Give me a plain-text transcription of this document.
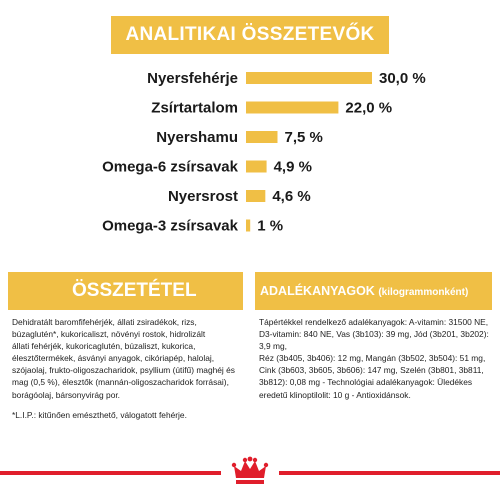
ANALITIKAI ÖSSZETEVŐK
Nyersfehérje	30,0 %
Zsírtartalom	22,0 %
Nyershamu	7,5 %
Omega-6 zsírsavak 4,9 %
Nyersrost 4,6 %
Omega-3 zsírsavak 1 %
ÖSSZETÉTEL	ADALÉKANYAGOK (kilogrammonként)
Dehidratált baromfifehérjék, állati zsiradékok, rizs,
búzaglutén*, kukoricaliszt, növényi rostok, hidrolizált
állati fehérjék, kukoricaglutén, búzaliszt, kukorica,
élesztőtermékek, ásványi anyagok, cikóriapép, halolaj,
szójaolaj, frukto-oligoszacharidok, psyllium (útifű) maghéj és
mag (0,5 %), élesztők (mannán-oligoszacharidok forrásai),
borágóolaj, bársonyvirág por.
*L.I.P.: kitűnően emészthető, válogatott fehérje.
Tápértékkel rendelkező adalékanyagok: A-vitamin: 31500 NE,
D3-vitamin: 840 NE, Vas (3b103): 39 mg, Jód (3b201, 3b202): 3,9 mg,
Réz (3b405, 3b406): 12 mg, Mangán (3b502, 3b504): 51 mg,
Cink (3b603, 3b605, 3b606): 147 mg, Szelén (3b801, 3b811,
3b812): 0,08 mg - Technológiai adalékanyagok: Üledékes
eredetű klinoptilolit: 10 g - Antioxidánsok.
